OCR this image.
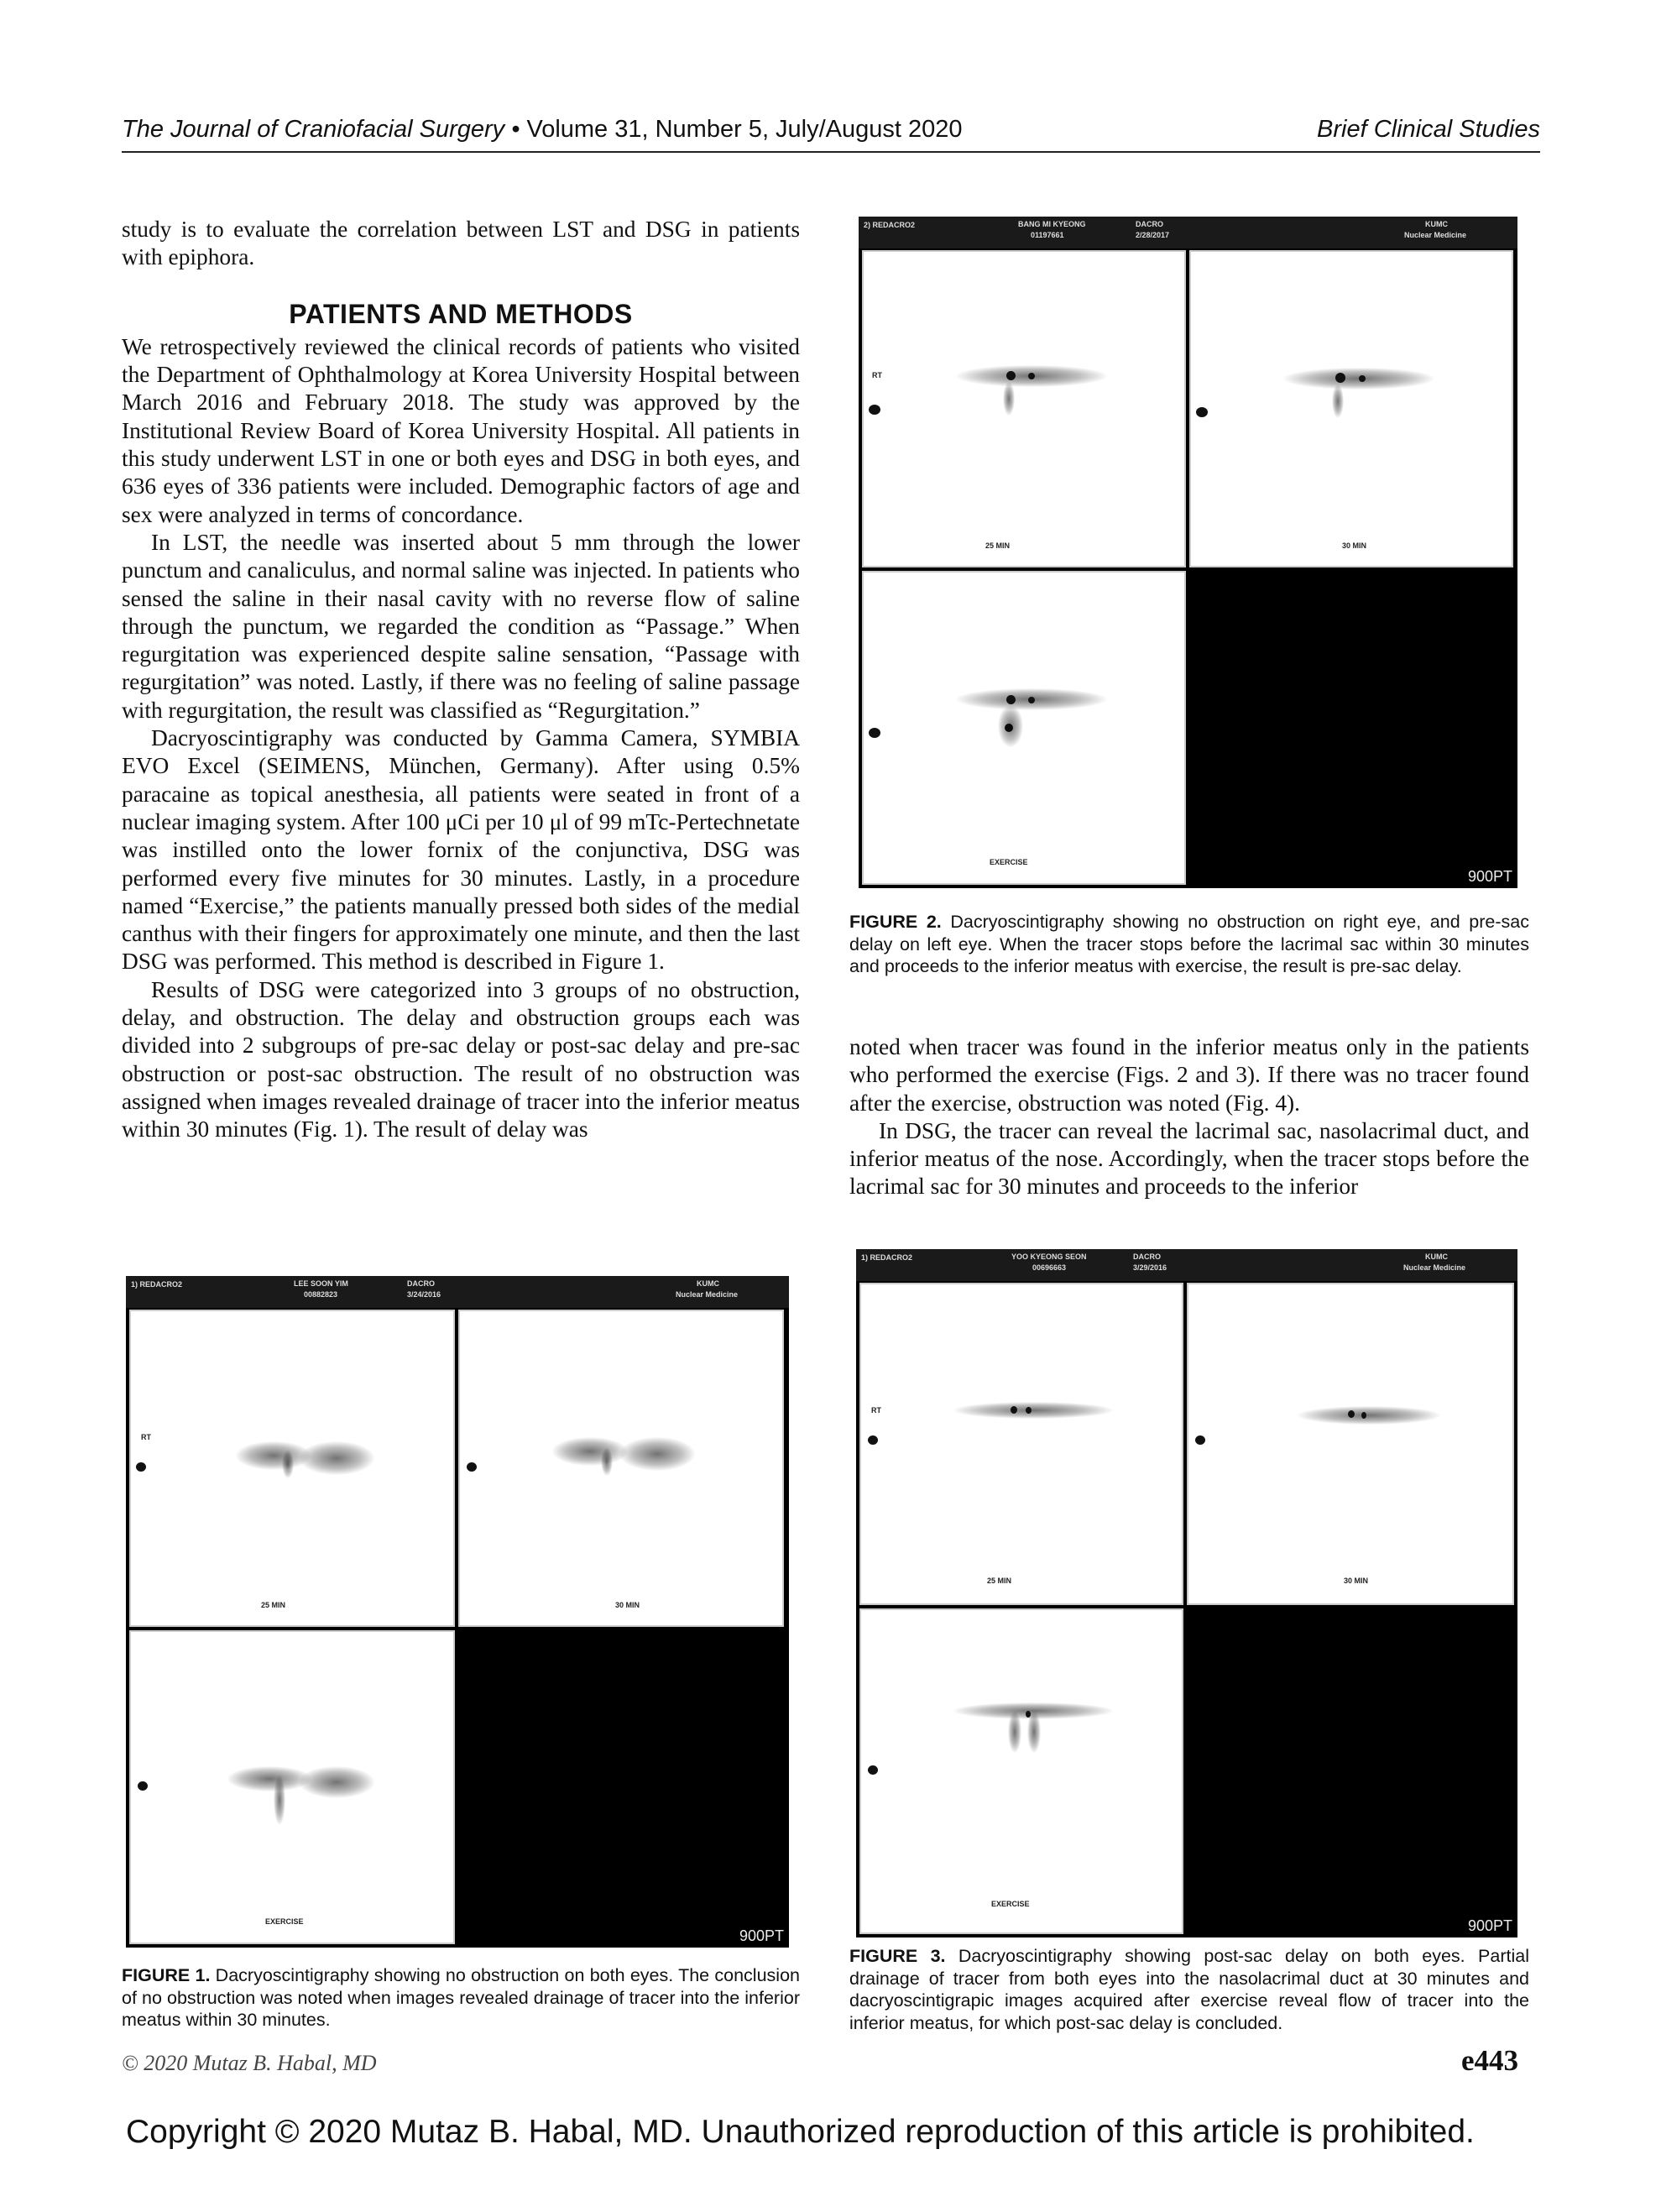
The Journal of Craniofacial Surgery • Volume 31, Number 5, July/August 2020	Brief Clinical Studies

study is to evaluate the correlation between LST and DSG in patients with epiphora.

PATIENTS AND METHODS

We retrospectively reviewed the clinical records of patients who visited the Department of Ophthalmology at Korea University Hospital between March 2016 and February 2018. The study was approved by the Institutional Review Board of Korea University Hospital. All patients in this study underwent LST in one or both eyes and DSG in both eyes, and 636 eyes of 336 patients were included. Demographic factors of age and sex were analyzed in terms of concordance.

In LST, the needle was inserted about 5 mm through the lower punctum and canaliculus, and normal saline was injected. In patients who sensed the saline in their nasal cavity with no reverse flow of saline through the punctum, we regarded the condition as “Passage.” When regurgitation was experienced despite saline sensation, “Passage with regurgitation” was noted. Lastly, if there was no feeling of saline passage with regurgitation, the result was classified as “Regurgitation.”

Dacryoscintigraphy was conducted by Gamma Camera, SYMBIA EVO Excel (SEIMENS, München, Germany). After using 0.5% paracaine as topical anesthesia, all patients were seated in front of a nuclear imaging system. After 100 μCi per 10 μl of 99 mTc-Pertechnetate was instilled onto the lower fornix of the conjunctiva, DSG was performed every five minutes for 30 minutes. Lastly, in a procedure named “Exercise,” the patients manually pressed both sides of the medial canthus with their fingers for approximately one minute, and then the last DSG was performed. This method is described in Figure 1.

Results of DSG were categorized into 3 groups of no obstruction, delay, and obstruction. The delay and obstruction groups each was divided into 2 subgroups of pre-sac delay or post-sac delay and pre-sac obstruction or post-sac obstruction. The result of no obstruction was assigned when images revealed drainage of tracer into the inferior meatus within 30 minutes (Fig. 1). The result of delay was

noted when tracer was found in the inferior meatus only in the patients who performed the exercise (Figs. 2 and 3). If there was no tracer found after the exercise, obstruction was noted (Fig. 4).

In DSG, the tracer can reveal the lacrimal sac, nasolacrimal duct, and inferior meatus of the nose. Accordingly, when the tracer stops before the lacrimal sac for 30 minutes and proceeds to the inferior

2) REDACRO2	BANG MI KYEONG
01197661
DACRO
2/28/2017
KUMC
Nuclear Medicine
RT
25 MIN	30 MIN
EXERCISE
900PT
FIGURE 2. Dacryoscintigraphy showing no obstruction on right eye, and pre-sac delay on left eye. When the tracer stops before the lacrimal sac within 30 minutes and proceeds to the inferior meatus with exercise, the result is pre-sac delay.
1) REDACRO2	LEE SOON YIM
00882823
DACRO
3/24/2016
KUMC
Nuclear Medicine
RT
25 MIN	30 MIN
EXERCISE
900PT
FIGURE 1. Dacryoscintigraphy showing no obstruction on both eyes. The conclusion of no obstruction was noted when images revealed drainage of tracer into the inferior meatus within 30 minutes.
1) REDACRO2	YOO KYEONG SEON
00696663
DACRO
3/29/2016
KUMC
Nuclear Medicine
RT
25 MIN	30 MIN
EXERCISE
900PT
FIGURE 3. Dacryoscintigraphy showing post-sac delay on both eyes. Partial drainage of tracer from both eyes into the nasolacrimal duct at 30 minutes and dacryoscintigrapic images acquired after exercise reveal flow of tracer into the inferior meatus, for which post-sac delay is concluded.
© 2020 Mutaz B. Habal, MD	e443
Copyright © 2020 Mutaz B. Habal, MD. Unauthorized reproduction of this article is prohibited.
